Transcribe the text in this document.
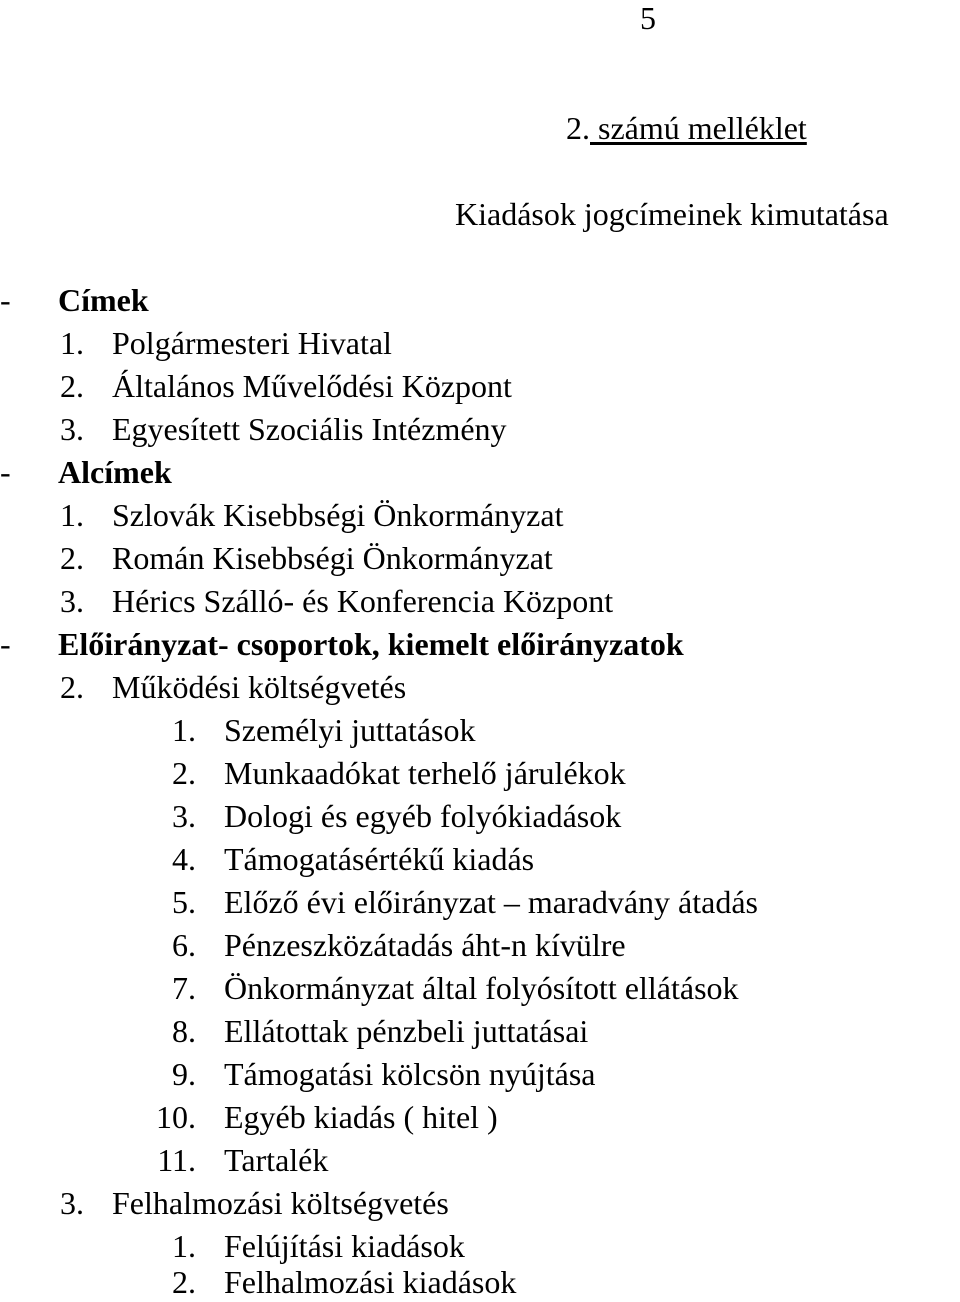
5
2. számú melléklet
Kiadások jogcímeinek kimutatása
- Címek
1. Polgármesteri Hivatal
2. Általános Művelődési Központ
3. Egyesített Szociális Intézmény
- Alcímek
1. Szlovák Kisebbségi Önkormányzat
2. Román Kisebbségi Önkormányzat
3. Hérics Szálló- és Konferencia Központ
- Előirányzat- csoportok, kiemelt előirányzatok
2. Működési költségvetés
1. Személyi juttatások
2. Munkaadókat terhelő járulékok
3. Dologi és egyéb folyókiadások
4. Támogatásértékű kiadás
5. Előző évi előirányzat – maradvány átadás
6. Pénzeszközátadás áht-n kívülre
7. Önkormányzat által folyósított ellátások
8. Ellátottak pénzbeli juttatásai
9. Támogatási kölcsön nyújtása
10. Egyéb kiadás ( hitel )
11. Tartalék
3. Felhalmozási költségvetés
1. Felújítási kiadások
2. Felhalmozási kiadások
